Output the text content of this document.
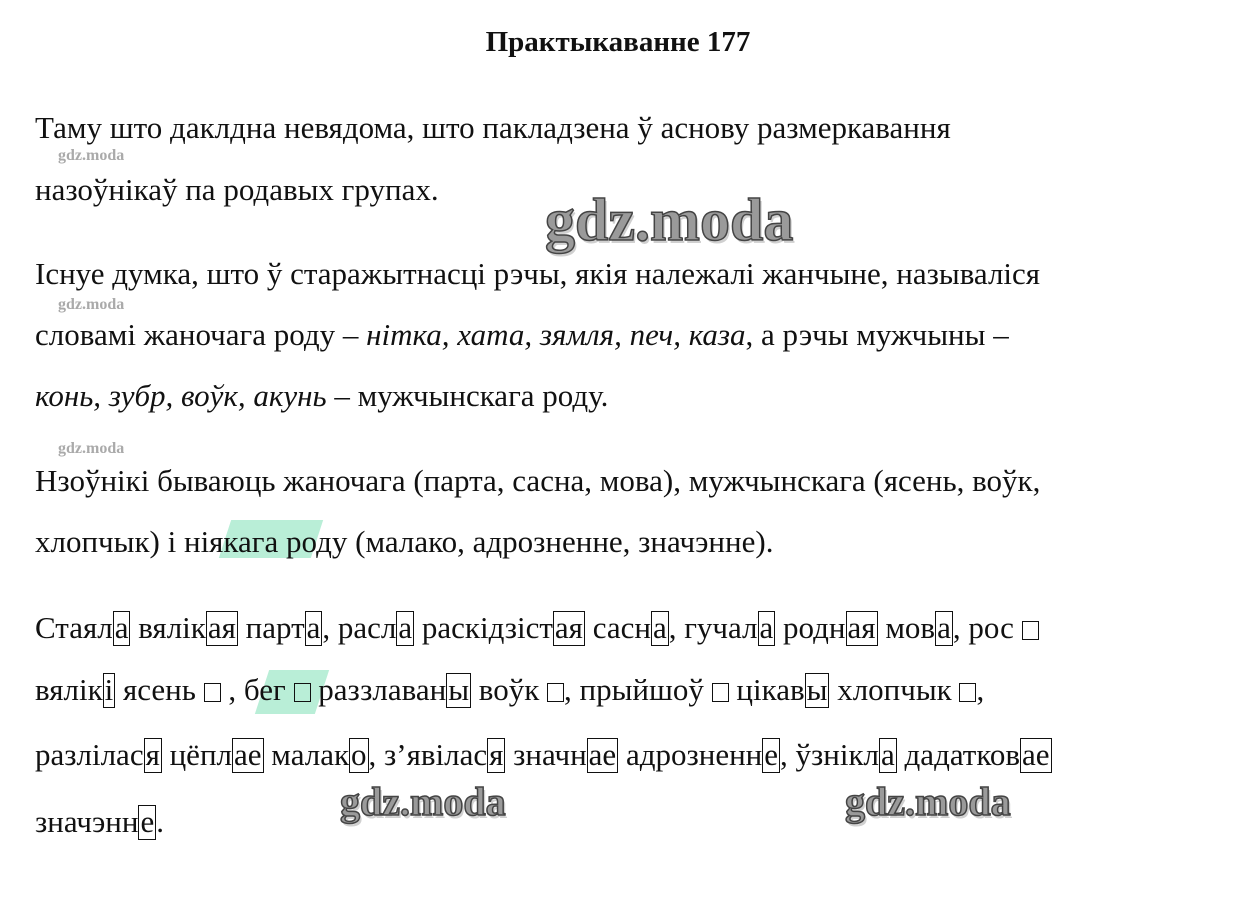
Практыкаванне 177
gdz.moda
gdz.moda
gdz.moda
gdz.moda
gdz.moda	gdz.moda
Таму што даклдна невядома, што пакладзена ў аснову размеркавання
назоўнікаў па родавых групах.
Існуе думка, што ў старажытнасці рэчы, якія належалі жанчыне, называліся
словамі жаночага роду – нітка, хата, зямля, печ, каза, а рэчы мужчыны –
конь, зубр, воўк, акунь – мужчынскага роду.
Нзоўнікі бываюць жаночага (парта, сасна, мова), мужчынскага (ясень, воўк,
хлопчык) і ніякага роду (малако, адрозненне, значэнне).
Стаяла вялікая парта, расла раскідзістая сасна, гучала родная мова, рос
вялікі ясень  , бег  раззлаваны воўк , прыйшоў  цікавы хлопчык ,
разлілася цёплае малако, з’явілася значнае адрозненне, ўзнікла дадатковае
значэнне.
